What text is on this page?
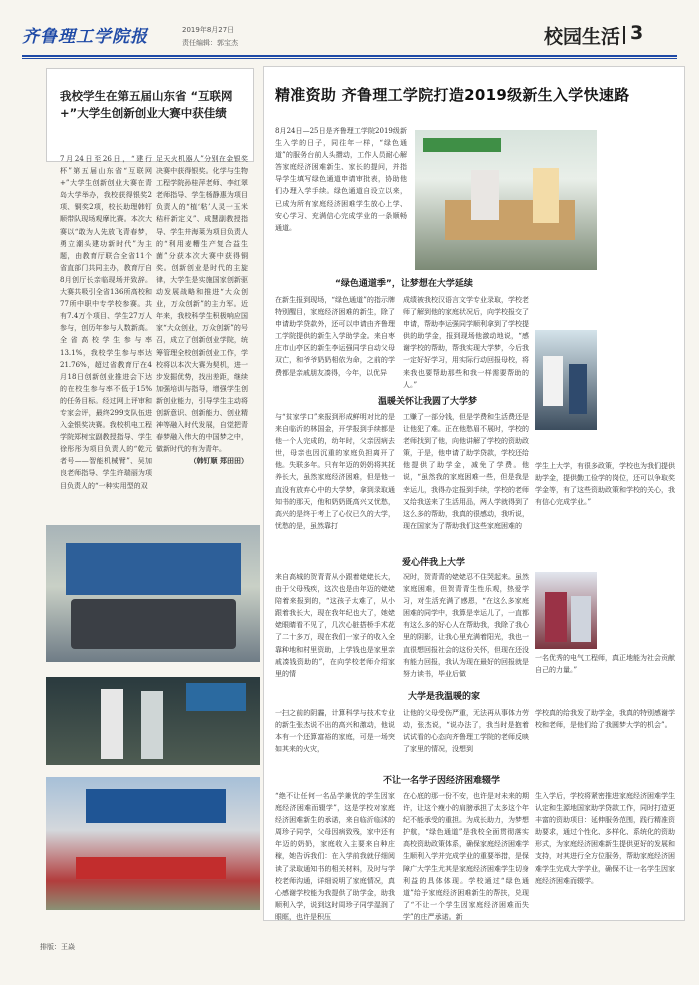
齐鲁理工学院报	2019年8月27日
责任编辑：郭宝杰	校园生活 3
我校学生在第五届山东省 “互联网+”大学生创新创业大赛中获佳绩
7月24日至26日，“建行杯”第五届山东省“互联网+”大学生创新创业大赛在青岛大学举办，我校获得银奖2项、铜奖2项，校长助理韩钉顺带队现场观摩比赛。本次大赛以“敢为人先放飞青春梦，勇立潮头建功新时代”为主题，由教育厅联合全省11个省直部门共同主办，教育厅自8月创厅长亲临现场并致辞。大赛共吸引全省136所高校和77所中职中专学校参赛。共有7.4万个项目、学生27万人参与，创历年参与人数新高。全省高校学生参与率13.1%，我校学生参与率达21.76%，超过省教育厅在4月18日创新创业推进会下达的在校生参与率不低于15%的任务目标。经过网上评审和专家会评，最终299支队伍进入金银奖决赛。我校机电工程学院郑树宝副教授指导、学生徐彤彤为项目负责人的“乾元者号——智能机械臂”、吴加良老师指导、学生许瑞丽为项目负责人的“一种实用型的双
足天火机器人”分别在金银奖决赛中获得银奖。化学与生物工程学院孙桂萍老师、李红翠老师指导、学生杨静惠为项目负责人的“植‘粘’人灵一玉米秸秆新定义”、成慧副教授指导、学生井海莱为项目负责人的“利用麦糟生产复合益生菌”分获本次大赛中获得铜奖。创新创业是时代的主旋律，大学生是实施国家创新驱动发展战略和推进“大众创业，万众创新”的主力军。近年来，我校科学生积极响应国家“大众创业，万众创新”的号召，成立了创新创业学院，统筹管理全校创新创业工作，学校将以本次大赛为契机，进一步发掘优势，找出差距，继续加强培训与指导，增强学生创新创业能力，引导学生主动将创新意识、创新能力、创业精神等融入时代发展，自觉把青春梦融入伟大的中国梦之中，做新时代的有为青年。
（韩钉顺 郑田田）
精准资助 齐鲁理工学院打造2019级新生入学快速路
8月24日—25日是齐鲁理工学院2019级新生入学的日子，同往年一样，“绿色通道”的服务台前人头攒动，工作人员耐心解答家庭经济困难新生、家长的提问，并指导学生填写绿色通道申请审批表，协助他们办理入学手续。绿色通道自设立以来，已成为所有家庭经济困难学生放心上学、安心学习、充满信心完成学业的一条顺畅通道。
“绿色通道季”，让梦想在大学延续
在新生报到现场，“绿色通道”的指示牌特别醒目，家庭经济困难的新生，除了申请助学贷款外，还可以申请由齐鲁理工学院提供的新生入学助学金。来自枣庄市山亭区的新生李运强同学自动父母双亡，和爷爷奶奶相依为命，之前的学费都是亲戚朋友凑得，今年，以优异
成绩被我校汉语言文学专业录取，学校老师了解到他的家庭状况后，向学校报交了申请，帮助李运强同学顺利拿到了学校提供的助学金，报到现场他激动地说，“感谢学校的帮助，帮我实现大学梦，今后我一定好好学习，用实际行动回报母校，将来我也要帮助那些和我一样需要帮助的人。”
温暖关怀让我圆了大学梦
与“贫家学口”来报到形成鲜明对比的是来自临沂的林国金，开学报到手续都是他一个人完成的，幼年时，父亲因病去世，母亲也因沉重的家庭负担离开了他。失联多年。只有年迈的奶奶将其抚养长大，虽然家庭经济困难，但是他一直没有放弃心中的大学梦，拿到录取通知书的那天，他和奶奶既高兴又忧愁，高兴的是终于考上了心仪已久的大学，忧愁的是，虽然靠打
工赚了一部分钱，但是学费和生活费还是让他犯了难。正在他愁眉不展时，学校的老师找到了他，向他讲解了学校的资助政策，于是，他申请了助学贷款，学校还给他提供了助学金，减免了学费。他说，“虽然我的家庭困难一些，但是我是幸运儿，我得办定报到手续，学校的老师又给我送来了生活用品，两人学就得到了这么多的帮助，我真的很感动，我听说，现在国家为了帮助我们这些家庭困难的
学生上大学，有很多政策，学校也为我们提供助学金，提供勤工俭学的岗位，还可以争取奖学金等，有了这些资助政策和学校的关心，我有信心完成学业。”
爱心伴我上大学
来自高城的贺青青从小跟着姥姥长大，由于父母残疾，这次也是由年迈的姥姥陪着来报到的，“这孩子太难了，从小跟着我长大，现在我年纪也大了，她姥姥眼睛看不见了，几次心脏搭桥手术花了二十多万，现在我们一家子的收入全靠种地和村里资助，上学钱也是家里亲戚凑钱资助的”，在向学校老师介绍家里的情
况时，贺青青的姥姥忍不住哭起来。虽然家庭困难，但贺青青生性乐观，热爱学习，对生活充满了感恩，“在这么多家庭困难的同学中，我算是幸运儿了，一直都有这么多的好心人在帮助我，我除了我心里的阴影，让我心里充满着阳光，我也一直很想回报社会的这份关怀，但现在还没有能力回报，我认为现在最好的回报就是努力读书，毕业后做
一名优秀的电气工程师，真正地能为社会贡献自己的力量。”
大学是我温暖的家
一扫之前的阴霾，计算科学与技术专业的新生张杰说不出的高兴和激动，他说本有一个还算富裕的家庭，可是一场突如其来的火灾，
让他的父母受伤严重，无法再从事体力劳动，张杰说，“说办法了，我当时是抱着试试看的心态向齐鲁理工学院的老师反映了家里的情况，没想到
学校真的给我发了助学金，我真的特别感谢学校和老师，是他们给了我圆梦大学的机会”。
不让一名学子因经济困难辍学
“绝不让任何一名品学兼优的学生因家庭经济困难而辍学”，这是学校对家庭经济困难新生的承诺，来自临沂临沭的周珍子同学，父母因病致残，家中还有年迈的奶奶，家庭收入主要来自种庄稼，她告诉我们：在入学前我就仔细阅读了录取通知书的相关材料，及时与学校老师沟通，详细说明了家庭情况，真心感谢学校能为我提供了助学金，助我顺利入学，说到这时周珍子同学湿润了眼眶，也许是积压
在心底的那一份不安，也许是对未来的期许，让这个瘦小的肩膀承担了太多这个年纪不能承受的重担。为成长助力，为梦想护航，“绿色通道”是我校全面贯彻落实高校资助政策体系，确保家庭经济困难学生顺利入学并完成学业的重要举措，是保障广大学生尤其是家庭经济困难学生切身利益的具体体现。学校通过“绿色通道”给予家庭经济困难新生的帮扶，兑现了“不让一个学生因家庭经济困难而失学”的庄严承诺。新
生入学后，学校将紧密推进家庭经济困难学生认定和生源地国家助学贷款工作，同时打造更丰富的资助项目：延伸服务范围，践行精准资助要求，通过个性化、多样化、系统化的资助形式，为家庭经济困难新生提供更好的发展和支持，对其进行全方位服务，帮助家庭经济困难学生完成大学学业，确保不让一名学生因家庭经济困难而辍学。
排版：王焱
